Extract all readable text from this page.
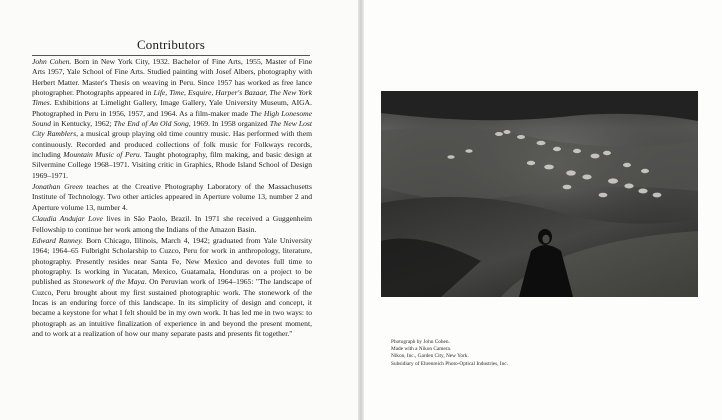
Contributors

John Cohen. Born in New York City, 1932. Bachelor of Fine Arts, 1955, Master of Fine Arts 1957, Yale School of Fine Arts. Studied painting with Josef Albers, photography with Herbert Matter. Master's Thesis on weaving in Peru. Since 1957 has worked as free lance photographer. Photographs appeared in Life, Time, Esquire, Harper's Bazaar, The New York Times. Exhibitions at Limelight Gallery, Image Gallery, Yale University Museum, AIGA. Photographed in Peru in 1956, 1957, and 1964. As a film-maker made The High Lonesome Sound in Kentucky, 1962; The End of An Old Song, 1969. In 1958 organized The New Lost City Ramblers, a musical group playing old time country music. Has performed with them continuously. Recorded and produced collections of folk music for Folkways records, including Mountain Music of Peru. Taught photography, film making, and basic design at Silvermine College 1968–1971. Visiting critic in Graphics, Rhode Island School of Design 1969–1971.

Jonathan Green teaches at the Creative Photography Laboratory of the Massachusetts Institute of Technology. Two other articles appeared in Aperture volume 13, number 2 and Aperture volume 13, number 4.

Claudia Andujar Love lives in São Paolo, Brazil. In 1971 she received a Guggenheim Fellowship to continue her work among the Indians of the Amazon Basin.

Edward Ranney. Born Chicago, Illinois, March 4, 1942; graduated from Yale University 1964; 1964–65 Fulbright Scholarship to Cuzco, Peru for work in anthropology, literature, photography. Presently resides near Santa Fe, New Mexico and devotes full time to photography. Is working in Yucatan, Mexico, Guatamala, Honduras on a project to be published as Stonework of the Maya. On Peruvian work of 1964–1965: "The landscape of Cuzco, Peru brought about my first sustained photographic work. The stonework of the Incas is an enduring force of this landscape. In its simplicity of design and concept, it became a keystone for what I felt should be in my own work. It has led me in two ways: to photograph as an intuitive finalization of experience in and beyond the present moment, and to work at a realization of how our many separate pasts and presents fit together."

Photograph by John Cohen.
Made with a Nikon Camera.
Nikon, Inc., Garden City, New York.
Subsidiary of Ehrenreich Photo-Optical Industries, Inc.
